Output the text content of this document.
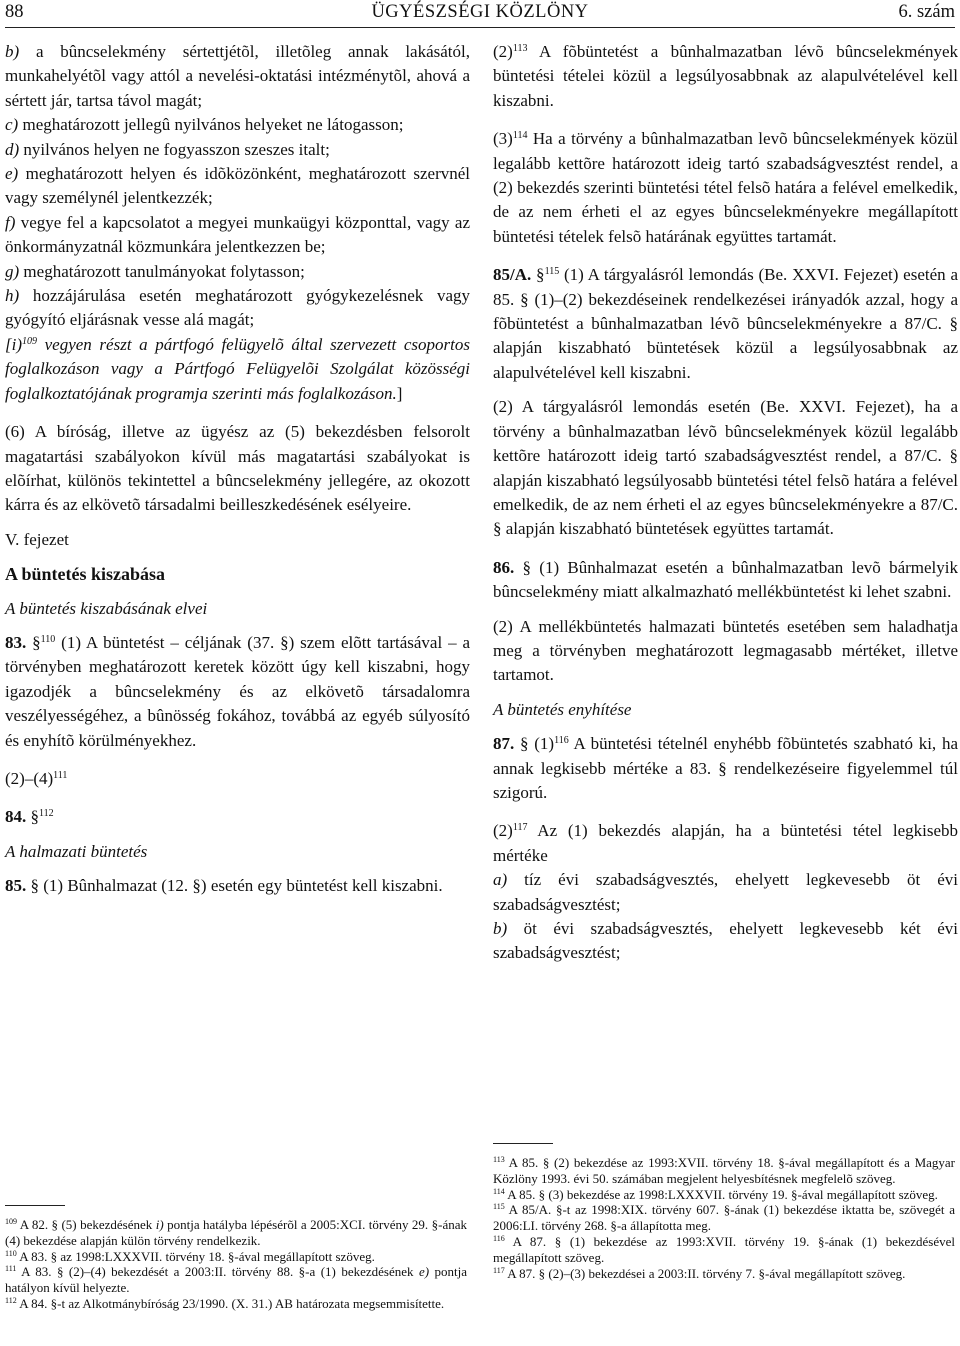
88	ÜGYÉSZSÉGI KÖZLÖNY	6. szám

b) a bûncselekmény sértettjétõl, illetõleg annak lakásától, munkahelyétõl vagy attól a nevelési-oktatási intézménytõl, ahová a sértett jár, tartsa távol magát;

c) meghatározott jellegû nyilvános helyeket ne látogasson;

d) nyilvános helyen ne fogyasszon szeszes italt;

e) meghatározott helyen és idõközönként, meghatározott szervnél vagy személynél jelentkezzék;

f) vegye fel a kapcsolatot a megyei munkaügyi központtal, vagy az önkormányzatnál közmunkára jelentkezzen be;

g) meghatározott tanulmányokat folytasson;

h) hozzájárulása esetén meghatározott gyógykezelésnek vagy gyógyító eljárásnak vesse alá magát;

[i)$^{109}$ vegyen részt a pártfogó felügyelõ által szervezett csoportos foglalkozáson vagy a Pártfogó Felügyelõi Szolgálat közösségi foglalkoztatójának programja szerinti más foglalkozáson.]

(6) A bíróság, illetve az ügyész az (5) bekezdésben felsorolt magatartási szabályokon kívül más magatartási szabályokat is elõírhat, különös tekintettel a bûncselekmény jellegére, az okozott kárra és az elkövetõ társadalmi beilleszkedésének esélyeire.

V. fejezet

A büntetés kiszabása

A büntetés kiszabásának elvei

83. §$^{110}$ (1) A büntetést – céljának (37. §) szem elõtt tartásával – a törvényben meghatározott keretek között úgy kell kiszabni, hogy igazodjék a bûncselekmény és az elkövetõ társadalomra veszélyességéhez, a bûnösség fokához, továbbá az egyéb súlyosító és enyhítõ körülményekhez.

$(2)-(4)^{111}$

84. §$^{112}$

A halmazati büntetés

85. § (1) Bûnhalmazat (12. §) esetén egy büntetést kell kiszabni.

$(2)^{113}$ A fõbüntetést a bûnhalmazatban lévõ bûncselekmények büntetési tételei közül a legsúlyosabbnak az alapulvételével kell kiszabni.

$(3)^{114}$ Ha a törvény a bûnhalmazatban levõ bûncselekmények közül legalább kettõre határozott ideig tartó szabadságvesztést rendel, a (2) bekezdés szerinti büntetési tétel felsõ határa a felével emelkedik, de az nem érheti el az egyes bûncselekményekre megállapított büntetési tételek felsõ határának együttes tartamát.

85/A. §$^{115}$ (1) A tárgyalásról lemondás (Be. XXVI. Fejezet) esetén a 85. § (1)–(2) bekezdéseinek rendelkezései irányadók azzal, hogy a fõbüntetést a bûnhalmazatban lévõ bûncselekményekre a 87/C. § alapján kiszabható büntetések közül a legsúlyosabbnak az alapulvételével kell kiszabni.

(2) A tárgyalásról lemondás esetén (Be. XXVI. Fejezet), ha a törvény a bûnhalmazatban lévõ bûncselekmények közül legalább kettõre határozott ideig tartó szabadságvesztést rendel, a 87/C. § alapján kiszabható legsúlyosabb büntetési tétel felsõ határa a felével emelkedik, de az nem érheti el az egyes bûncselekményekre a 87/C. § alapján kiszabható büntetések együttes tartamát.

86. § (1) Bûnhalmazat esetén a bûnhalmazatban levõ bármelyik bûncselekmény miatt alkalmazható mellékbüntetést ki lehet szabni.

(2) A mellékbüntetés halmazati büntetés esetében sem haladhatja meg a törvényben meghatározott legmagasabb mértéket, illetve tartamot.

A büntetés enyhítése

87. § $(1)^{116}$ A büntetési tételnél enyhébb fõbüntetés szabható ki, ha annak legkisebb mértéke a 83. § rendelkezéseire figyelemmel túl szigorú.

$(2)^{117}$ Az (1) bekezdés alapján, ha a büntetési tétel legkisebb mértéke

a) tíz évi szabadságvesztés, ehelyett legkevesebb öt évi szabadságvesztést;

b) öt évi szabadságvesztés, ehelyett legkevesebb két évi szabadságvesztést;

$^{109}$ A 82. § (5) bekezdésének i) pontja hatályba lépésérõl a 2005:XCI. törvény 29. §-ának (4) bekezdése alapján külön törvény rendelkezik.

$^{110}$ A 83. § az 1998:LXXXVII. törvény 18. §-ával megállapított szöveg.

$^{111}$ A 83. § (2)–(4) bekezdését a 2003:II. törvény 88. §-a (1) bekezdésének e) pontja hatályon kívül helyezte.

$^{112}$ A 84. §-t az Alkotmánybíróság 23/1990. (X. 31.) AB határozata megsemmisítette.

$^{113}$ A 85. § (2) bekezdése az 1993:XVII. törvény 18. §-ával megállapított és a Magyar Közlöny 1993. évi 50. számában megjelent helyesbítésnek megfelelõ szöveg.

$^{114}$ A 85. § (3) bekezdése az 1998:LXXXVII. törvény 19. §-ával megállapított szöveg.

$^{115}$ A 85/A. §-t az 1998:XIX. törvény 607. §-ának (1) bekezdése iktatta be, szövegét a 2006:LI. törvény 268. §-a állapította meg.

$^{116}$ A 87. § (1) bekezdése az 1993:XVII. törvény 19. §-ának (1) bekezdésével megállapított szöveg.

$^{117}$ A 87. § (2)–(3) bekezdései a 2003:II. törvény 7. §-ával megállapított szöveg.
